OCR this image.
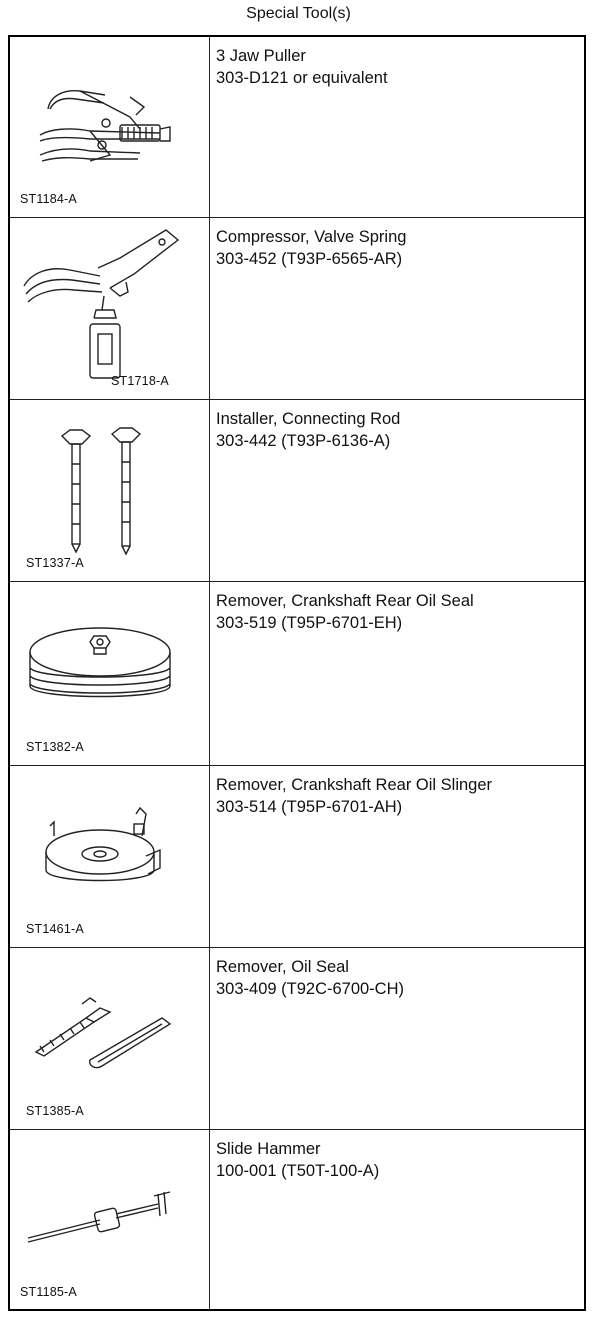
Special Tool(s)
ST1184-A
3 Jaw Puller
303-D121 or equivalent
ST1718-A
Compressor, Valve Spring
303-452 (T93P-6565-AR)
ST1337-A
Installer, Connecting Rod
303-442 (T93P-6136-A)
ST1382-A
Remover, Crankshaft Rear Oil Seal
303-519 (T95P-6701-EH)
ST1461-A
Remover, Crankshaft Rear Oil Slinger
303-514 (T95P-6701-AH)
ST1385-A
Remover, Oil Seal
303-409 (T92C-6700-CH)
ST1185-A
Slide Hammer
100-001 (T50T-100-A)
